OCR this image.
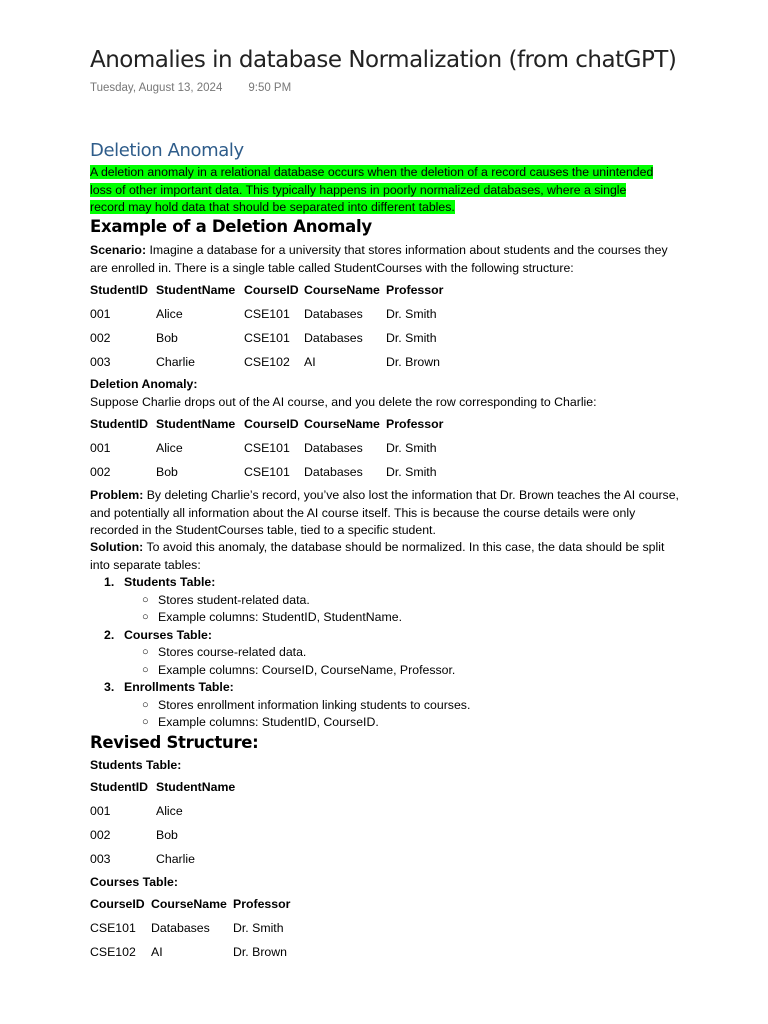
Anomalies in database Normalization (from chatGPT)
Tuesday, August 13, 2024 9:50 PM
Deletion Anomaly
A deletion anomaly in a relational database occurs when the deletion of a record causes the unintended
loss of other important data. This typically happens in poorly normalized databases, where a single
record may hold data that should be separated into different tables.
Example of a Deletion Anomaly
Scenario: Imagine a database for a university that stores information about students and the courses they are enrolled in. There is a single table called StudentCourses with the following structure:
StudentID	StudentName	CourseID	CourseName	Professor
001	Alice	CSE101	Databases	Dr. Smith
002	Bob	CSE101	Databases	Dr. Smith
003	Charlie	CSE102	AI	Dr. Brown
Deletion Anomaly:
Suppose Charlie drops out of the AI course, and you delete the row corresponding to Charlie:
StudentID	StudentName	CourseID	CourseName	Professor
001	Alice	CSE101	Databases	Dr. Smith
002	Bob	CSE101	Databases	Dr. Smith
Problem: By deleting Charlie’s record, you’ve also lost the information that Dr. Brown teaches the AI course, and potentially all information about the AI course itself. This is because the course details were only recorded in the StudentCourses table, tied to a specific student.
Solution: To avoid this anomaly, the database should be normalized. In this case, the data should be split into separate tables:
1. Students Table:
○ Stores student-related data.
○ Example columns: StudentID, StudentName.
2. Courses Table:
○ Stores course-related data.
○ Example columns: CourseID, CourseName, Professor.
3. Enrollments Table:
○ Stores enrollment information linking students to courses.
○ Example columns: StudentID, CourseID.
Revised Structure:
Students Table:
StudentID	StudentName
001	Alice
002	Bob
003	Charlie
Courses Table:
CourseID	CourseName	Professor
CSE101	Databases	Dr. Smith
CSE102	AI	Dr. Brown
